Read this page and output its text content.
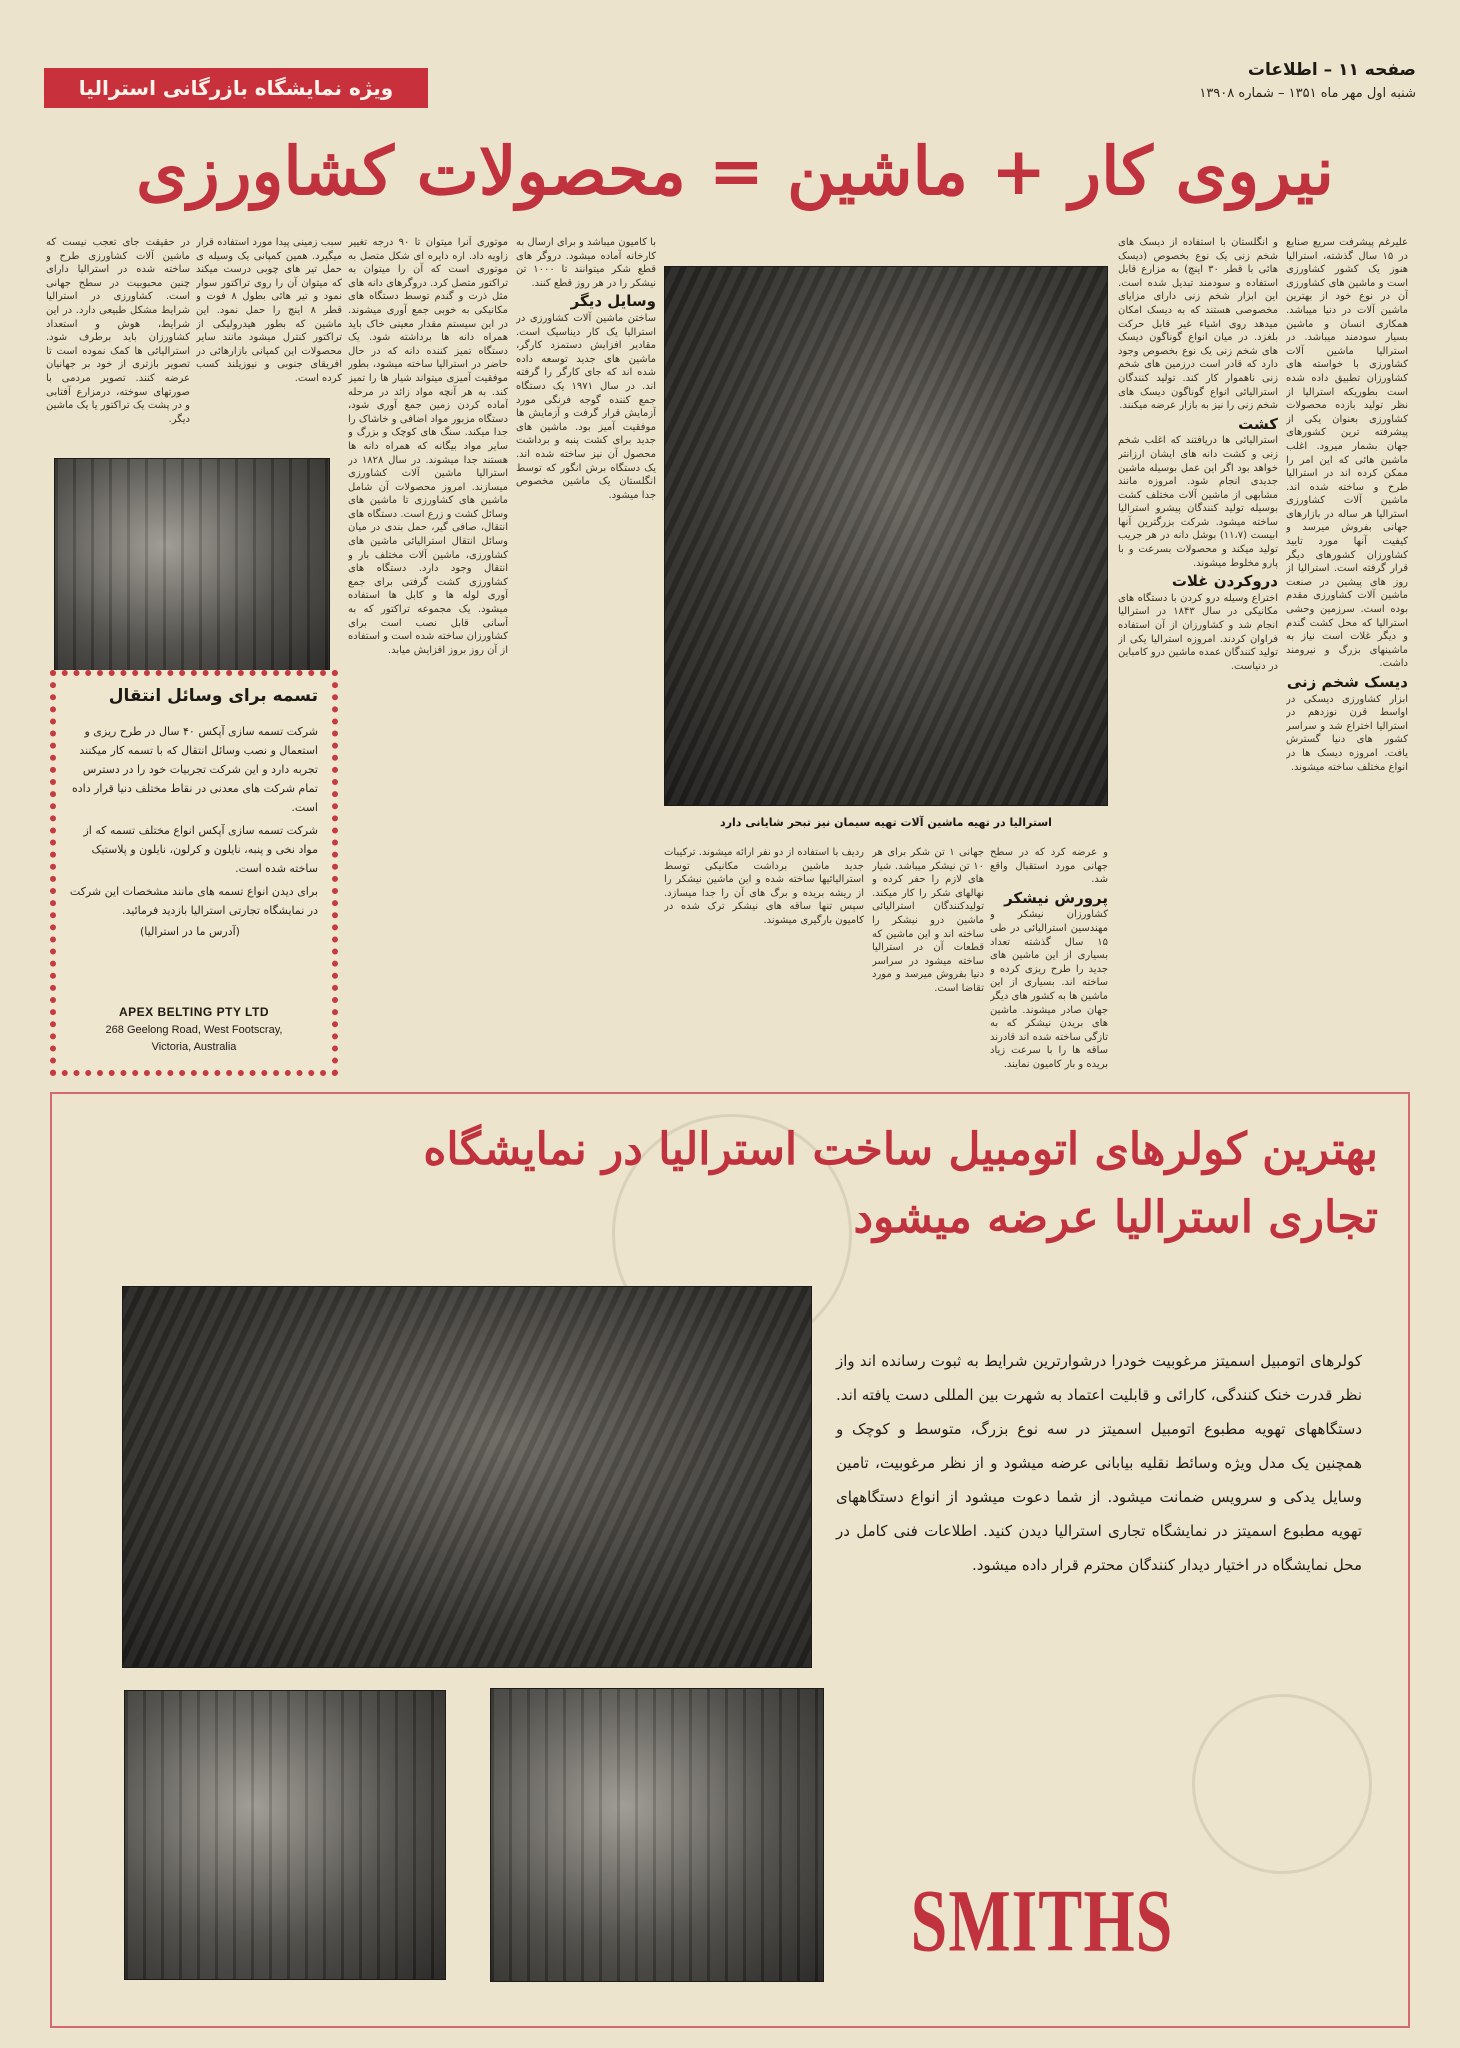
صفحه ۱۱ – اطلاعات
شنبه اول مهر ماه ۱۳۵۱ – شماره ۱۳۹۰۸
ویژه نمایشگاه بازرگانی استرالیا
نیروی کار + ماشین = محصولات کشاورزی
علیرغم پیشرفت سریع صنایع در ۱۵ سال گذشته، استرالیا هنوز یک کشور کشاورزی است و ماشین های کشاورزی آن در نوع خود از بهترین ماشین آلات در دنیا میباشد. همکاری انسان و ماشین بسیار سودمند میباشد. در استرالیا ماشین آلات کشاورزی با خواسته های کشاورزان تطبیق داده شده است بطوریکه استرالیا از نظر تولید بازده محصولات کشاورزی بعنوان یکی از پیشرفته ترین کشورهای جهان بشمار میرود. اغلب ماشین هائی که این امر را ممکن کرده اند در استرالیا طرح و ساخته شده اند. ماشین آلات کشاورزی استرالیا هر ساله در بازارهای جهانی بفروش میرسد و کیفیت آنها مورد تایید کشاورزان کشورهای دیگر قرار گرفته است. استرالیا از روز های پیشین در صنعت ماشین آلات کشاورزی مقدم بوده است. سرزمین وحشی استرالیا که محل کشت گندم و دیگر غلات است نیاز به ماشینهای بزرگ و نیرومند داشت.
دیسک شخم زنی
ابزار کشاورزی دیسکی در اواسط قرن نوزدهم در استرالیا اختراع شد و سراسر کشور های دنیا گسترش یافت. امروزه دیسک ها در انواع مختلف ساخته میشوند.
و انگلستان با استفاده از دیسک های شخم زنی یک نوع بخصوص (دیسک هائی با قطر ۳۰ اینچ) به مزارع قابل استفاده و سودمند تبدیل شده است. این ابزار شخم زنی دارای مزایای مخصوصی هستند که به دیسک امکان میدهد روی اشیاء غیر قابل حرکت بلغزد. در میان انواع گوناگون دیسک های شخم زنی یک نوع بخصوص وجود دارد که قادر است درزمین های شخم زنی ناهموار کار کند. تولید کنندگان استرالیائی انواع گوناگون دیسک های شخم زنی را نیز به بازار عرضه میکنند.
کشت
استرالیائی ها دریافتند که اغلب شخم زنی و کشت دانه های ایشان ارزانتر خواهد بود اگر این عمل بوسیله ماشین جدیدی انجام شود. امروزه مانند مشابهی از ماشین آلات مختلف کشت بوسیله تولید کنندگان پیشرو استرالیا ساخته میشود. شرکت بزرگترین آنها ابیست (۱۱،۷) بوشل دانه در هر جریب تولید میکند و محصولات بسرعت و با پارو مخلوط میشوند.
دروکردن غلات
اختراع وسیله درو کردن با دستگاه های مکانیکی در سال ۱۸۴۳ در استرالیا انجام شد و کشاورزان از آن استفاده فراوان کردند. امروزه استرالیا یکی از تولید کنندگان عمده ماشین درو کامباین در دنیاست.
استرالیا در تهیه ماشین آلات تهیه سیمان نیز تبحر شایانی دارد
و عرضه کرد که در سطح جهانی مورد استقبال واقع شد.
پرورش نیشکر
کشاورزان نیشکر و مهندسین استرالیائی در طی ۱۵ سال گذشته تعداد بسیاری از این ماشین های جدید را طرح ریزی کرده و ساخته اند. بسیاری از این ماشین ها به کشور های دیگر جهان صادر میشوند. ماشین های بریدن نیشکر که به تازگی ساخته شده اند قادرند ساقه ها را با سرعت زیاد بریده و بار کامیون نمایند.
جهانی ۱ تن شکر برای هر ۱۰ تن نیشکر میباشد. شیار های لازم را حفر کرده و نهالهای شکر را کار میکند. تولیدکنندگان استرالیائی ماشین درو نیشکر را ساخته اند و این ماشین که قطعات آن در استرالیا ساخته میشود در سراسر دنیا بفروش میرسد و مورد تقاضا است.
ردیف با استفاده از دو نفر ارائه میشوند. ترکیبات جدید ماشین برداشت مکانیکی توسط استرالیائیها ساخته شده و این ماشین نیشکر را از ریشه بریده و برگ های آن را جدا میسازد. سپس تنها ساقه های نیشکر ترک شده در کامیون بارگیری میشوند.
با کامیون میباشد و برای ارسال به کارخانه آماده میشود. دروگر های قطع شکر میتوانند تا ۱۰۰۰ تن نیشکر را در هر روز قطع کنند.
وسایل دیگر
ساختن ماشین آلات کشاورزی در استرالیا یک کار دیناسیک است. مقادیر افزایش دستمزد کارگر، ماشین های جدید توسعه داده شده اند که جای کارگر را گرفته اند. در سال ۱۹۷۱ یک دستگاه جمع کننده گوجه فرنگی مورد آزمایش قرار گرفت و آزمایش ها موفقیت آمیز بود. ماشین های جدید برای کشت پنبه و برداشت محصول آن نیز ساخته شده اند. یک دستگاه برش انگور که توسط انگلستان یک ماشین مخصوص جدا میشود.
موتوری آنرا میتوان تا ۹۰ درجه تغییر زاویه داد. اره دایره ای شکل متصل به موتوری است که آن را میتوان به تراکتور متصل کرد. دروگرهای دانه های مثل ذرت و گندم توسط دستگاه های مکانیکی به خوبی جمع آوری میشوند. در این سیستم مقدار معینی خاک باید همراه دانه ها برداشته شود. یک دستگاه تمیز کننده دانه که در حال حاضر در استرالیا ساخته میشود، بطور موفقیت آمیزی میتواند شیار ها را تمیز کند. به هر آنچه مواد زائد در مرحله آماده کردن زمین جمع آوری شود، دستگاه مزبور مواد اضافی و خاشاک را جدا میکند. سنگ های کوچک و بزرگ و سایر مواد بیگانه که همراه دانه ها هستند جدا میشوند. در سال ۱۸۲۸ در استرالیا ماشین آلات کشاورزی میسازند. امروز محصولات آن شامل ماشین های کشاورزی تا ماشین های وسائل کشت و زرع است. دستگاه های انتقال، صافی گیر، حمل بندی در میان وسائل انتقال استرالیائی ماشین های کشاورزی، ماشین آلات مختلف بار و انتقال وجود دارد. دستگاه های کشاورزی کشت گرفتی برای جمع آوری لوله ها و کابل ها استفاده میشود. یک مجموعه تراکتور که به آسانی قابل نصب است برای کشاورزان ساخته شده است و استفاده از آن روز بروز افزایش میابد.
سبب زمینی پیدا مورد استفاده قرار میگیرد. همین کمپانی یک وسیله ی حمل تیر های چوبی درست میکند که میتوان آن را روی تراکتور سوار نمود و تیر هائی بطول ۸ فوت و قطر ۸ اینچ را حمل نمود. این ماشین که بطور هیدرولیکی از تراکتور کنترل میشود مانند سایر محصولات این کمپانی بازارهائی در افریقای جنوبی و نیوزیلند کسب کرده است.
در حقیقت جای تعجب نیست که ماشین آلات کشاورزی طرح و ساخته شده در استرالیا دارای چنین محبوبیت در سطح جهانی است. کشاورزی در استرالیا شرایط مشکل طبیعی دارد. در این شرایط، هوش و استعداد کشاورزان باید برطرف شود. استرالیائی ها کمک نموده است تا تصویر بازتری از خود بر جهانیان عرضه کنند. تصویر مردمی با صورتهای سوخته، درمزارع آفتابی و در پشت یک تراکتور یا یک ماشین دیگر.
تسمه برای وسائل انتقال
شرکت تسمه سازی آپکس ۴۰ سال در طرح ریزی و استعمال و نصب وسائل انتقال که با تسمه کار میکنند تجربه دارد و این شرکت تجربیات خود را در دسترس تمام شرکت های معدنی در نقاط مختلف دنیا قرار داده است.
شرکت تسمه سازی آپکس انواع مختلف تسمه که از مواد نخی و پنبه، نایلون و کرلون، نایلون و پلاستیک ساخته شده است.
برای دیدن انواع تسمه های مانند مشخصات این شرکت در نمایشگاه تجارتی استرالیا بازدید فرمائید.
(آدرس ما در استرالیا)
APEX BELTING PTY LTD
268 Geelong Road, West Footscray,
Victoria, Australia
بهترین کولرهای اتومبیل ساخت استرالیا در نمایشگاه
تجاری استرالیا عرضه میشود
کولرهای اتومبیل اسمیتز مرغوبیت خودرا درشوارترین شرایط به ثبوت رسانده اند واز نظر قدرت خنک کنندگی، کارائی و قابلیت اعتماد به شهرت بین المللی دست یافته اند. دستگاههای تهویه مطبوع اتومبیل اسمیتز در سه نوع بزرگ، متوسط و کوچک و همچنین یک مدل ویژه وسائط نقلیه بیابانی عرضه میشود و از نظر مرغوبیت، تامین وسایل یدکی و سرویس ضمانت میشود. از شما دعوت میشود از انواع دستگاههای تهویه مطبوع اسمیتز در نمایشگاه تجاری استرالیا دیدن کنید. اطلاعات فنی کامل در محل نمایشگاه در اختیار دیدار کنندگان محترم قرار داده میشود.
SMITHS
